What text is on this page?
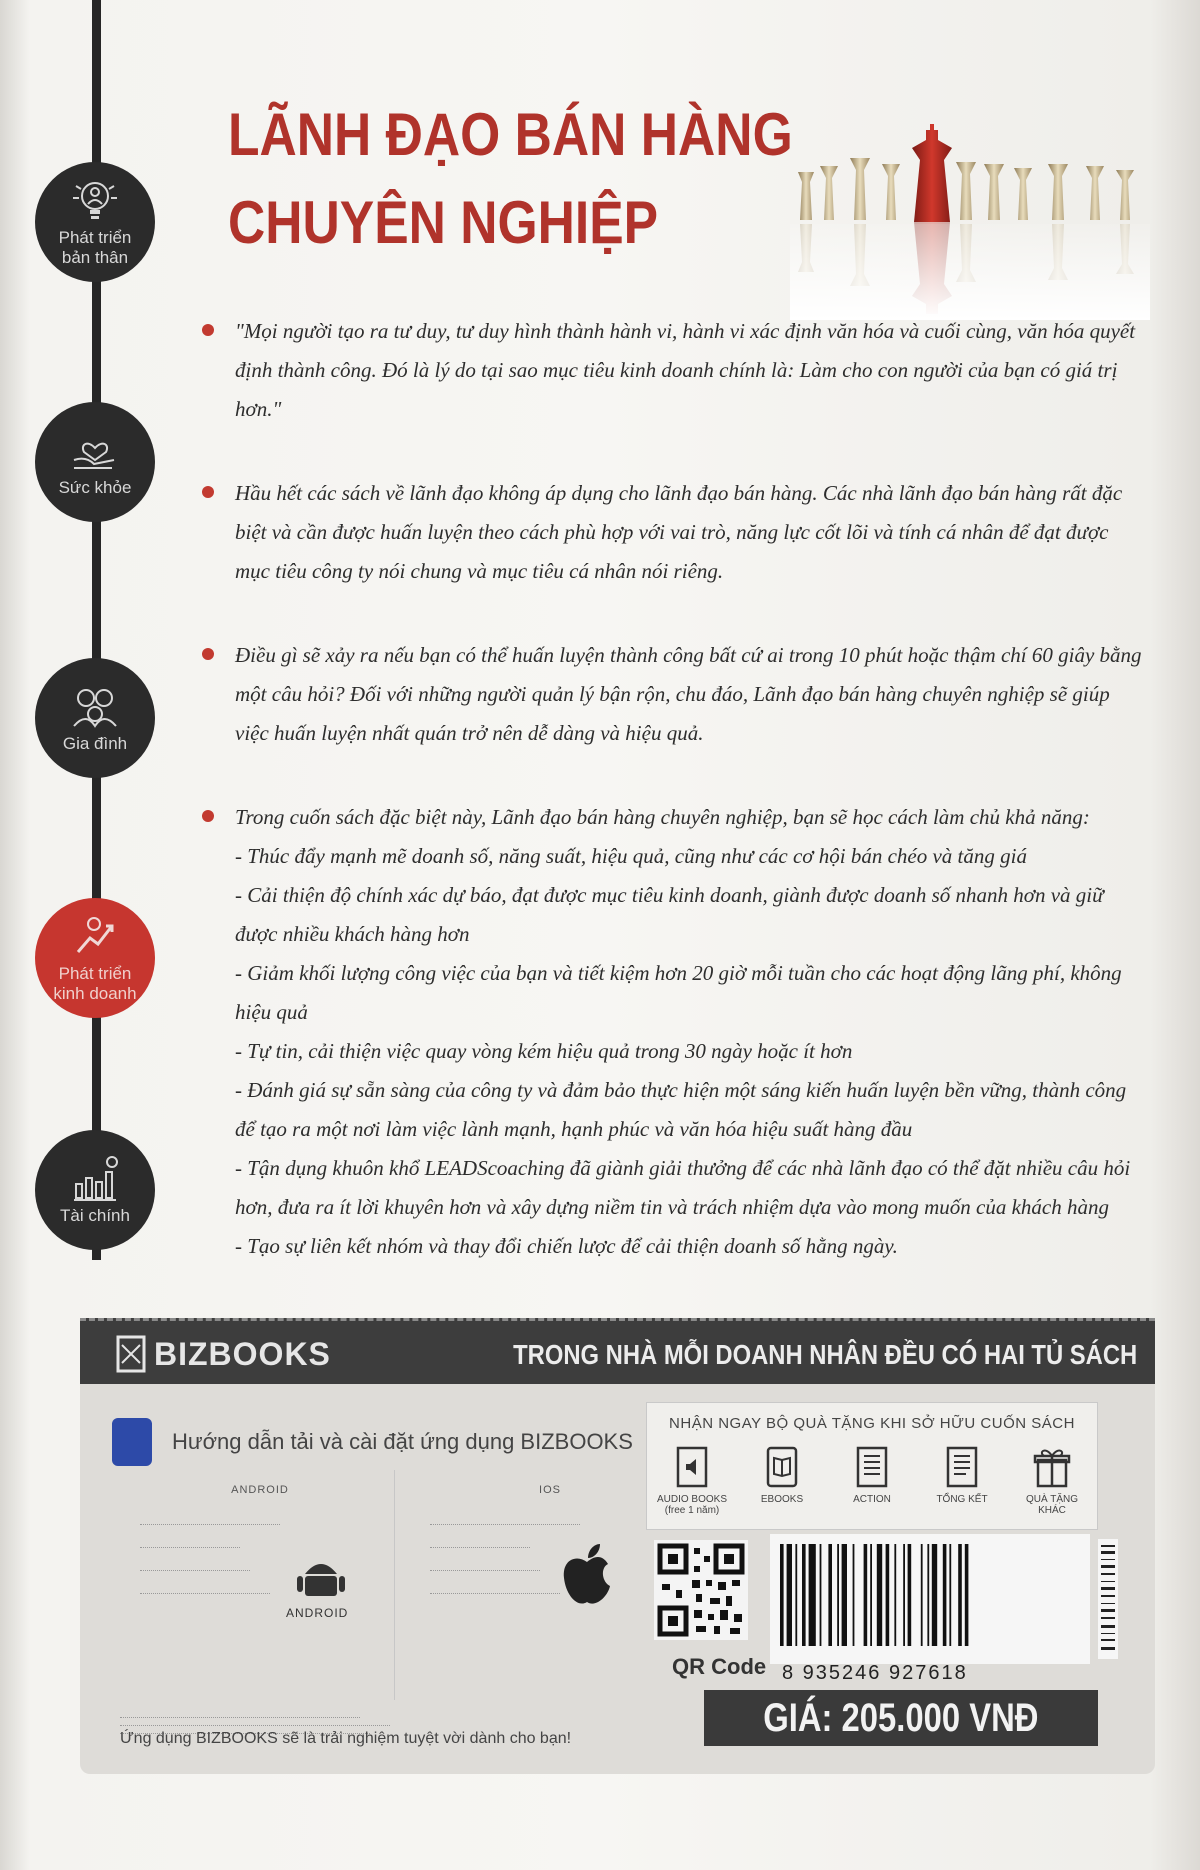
Phát triển
bản thân
Sức khỏe
Gia đình
Phát triển
kinh doanh
Tài chính
LÃNH ĐẠO BÁN HÀNG
CHUYÊN NGHIỆP
"Mọi người tạo ra tư duy, tư duy hình thành hành vi, hành vi xác định văn hóa và cuối cùng, văn hóa quyết định thành công. Đó là lý do tại sao mục tiêu kinh doanh chính là: Làm cho con người của bạn có giá trị hơn."
Hầu hết các sách về lãnh đạo không áp dụng cho lãnh đạo bán hàng. Các nhà lãnh đạo bán hàng rất đặc biệt và cần được huấn luyện theo cách phù hợp với vai trò, năng lực cốt lõi và tính cá nhân để đạt được mục tiêu công ty nói chung và mục tiêu cá nhân nói riêng.
Điều gì sẽ xảy ra nếu bạn có thể huấn luyện thành công bất cứ ai trong 10 phút hoặc thậm chí 60 giây bằng một câu hỏi? Đối với những người quản lý bận rộn, chu đáo, Lãnh đạo bán hàng chuyên nghiệp sẽ giúp việc huấn luyện nhất quán trở nên dễ dàng và hiệu quả.
Trong cuốn sách đặc biệt này, Lãnh đạo bán hàng chuyên nghiệp, bạn sẽ học cách làm chủ khả năng:
- Thúc đẩy mạnh mẽ doanh số, năng suất, hiệu quả, cũng như các cơ hội bán chéo và tăng giá
- Cải thiện độ chính xác dự báo, đạt được mục tiêu kinh doanh, giành được doanh số nhanh hơn và giữ được nhiều khách hàng hơn
- Giảm khối lượng công việc của bạn và tiết kiệm hơn 20 giờ mỗi tuần cho các hoạt động lãng phí, không hiệu quả
- Tự tin, cải thiện việc quay vòng kém hiệu quả trong 30 ngày hoặc ít hơn
- Đánh giá sự sẵn sàng của công ty và đảm bảo thực hiện một sáng kiến huấn luyện bền vững, thành công để tạo ra một nơi làm việc lành mạnh, hạnh phúc và văn hóa hiệu suất hàng đầu
- Tận dụng khuôn khổ LEADScoaching đã giành giải thưởng để các nhà lãnh đạo có thể đặt nhiều câu hỏi hơn, đưa ra ít lời khuyên hơn và xây dựng niềm tin và trách nhiệm dựa vào mong muốn của khách hàng
- Tạo sự liên kết nhóm và thay đổi chiến lược để cải thiện doanh số hằng ngày.
BIZBOOKS	TRONG NHÀ MỖI DOANH NHÂN ĐỀU CÓ HAI TỦ SÁCH
Hướng dẫn tải và cài đặt ứng dụng BIZBOOKS
ANDROID
ANDROID
IOS
Ứng dụng BIZBOOKS sẽ là trải nghiệm tuyệt vời dành cho bạn!
NHẬN NGAY BỘ QUÀ TẶNG KHI SỞ HỮU CUỐN SÁCH
AUDIO BOOKS
(free 1 năm)
EBOOKS	ACTION	TỔNG KẾT	QUÀ TẶNG
KHÁC
QR Code 8 935246 927618
GIÁ: 205.000 VNĐ
